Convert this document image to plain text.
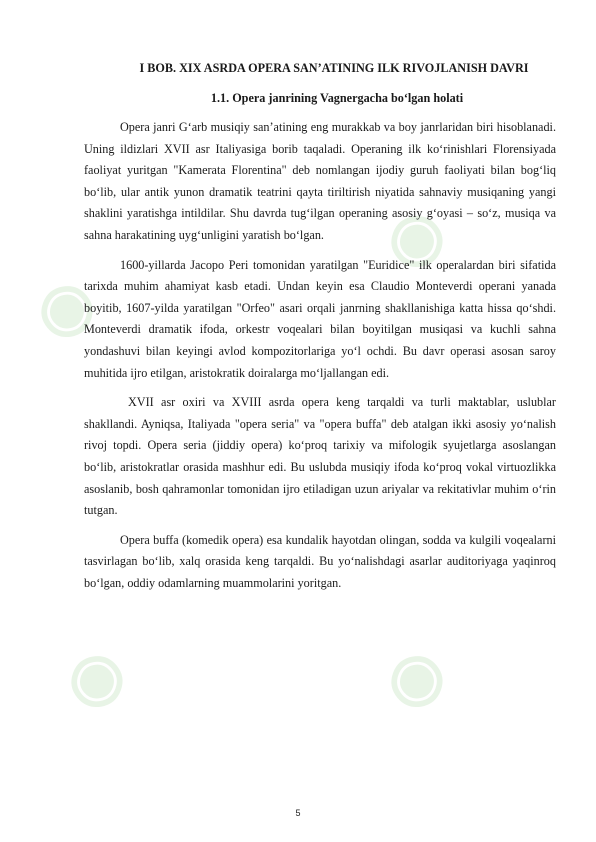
◉
◉
◉	◉
I BOB. XIX ASRDA OPERA SAN’ATINING ILK RIVOJLANISH DAVRI
1.1. Opera janrining Vagnergacha bo‘lgan holati

Opera janri G‘arb musiqiy san’atining eng murakkab va boy janrlaridan biri hisoblanadi. Uning ildizlari XVII asr Italiyasiga borib taqaladi. Operaning ilk ko‘rinishlari Florensiyada faoliyat yuritgan "Kamerata Florentina" deb nomlangan ijodiy guruh faoliyati bilan bog‘liq bo‘lib, ular antik yunon dramatik teatrini qayta tiriltirish niyatida sahnaviy musiqaning yangi shaklini yaratishga intildilar. Shu davrda tug‘ilgan operaning asosiy g‘oyasi – so‘z, musiqa va sahna harakatining uyg‘unligini yaratish bo‘lgan.

1600-yillarda Jacopo Peri tomonidan yaratilgan "Euridice" ilk operalardan biri sifatida tarixda muhim ahamiyat kasb etadi. Undan keyin esa Claudio Monteverdi operani yanada boyitib, 1607-yilda yaratilgan "Orfeo" asari orqali janrning shakllanishiga katta hissa qo‘shdi. Monteverdi dramatik ifoda, orkestr voqealari bilan boyitilgan musiqasi va kuchli sahna yondashuvi bilan keyingi avlod kompozitorlariga yo‘l ochdi. Bu davr operasi asosan saroy muhitida ijro etilgan, aristokratik doiralarga mo‘ljallangan edi.

XVII asr oxiri va XVIII asrda opera keng tarqaldi va turli maktablar, uslublar shakllandi. Ayniqsa, Italiyada "opera seria" va "opera buffa" deb atalgan ikki asosiy yo‘nalish rivoj topdi. Opera seria (jiddiy opera) ko‘proq tarixiy va mifologik syujetlarga asoslangan bo‘lib, aristokratlar orasida mashhur edi. Bu uslubda musiqiy ifoda ko‘proq vokal virtuozlikka asoslanib, bosh qahramonlar tomonidan ijro etiladigan uzun ariyalar va rekitativlar muhim o‘rin tutgan.

Opera buffa (komedik opera) esa kundalik hayotdan olingan, sodda va kulgili voqealarni tasvirlagan bo‘lib, xalq orasida keng tarqaldi. Bu yo‘nalishdagi asarlar auditoriyaga yaqinroq bo‘lgan, oddiy odamlarning muammolarini yoritgan.

5
